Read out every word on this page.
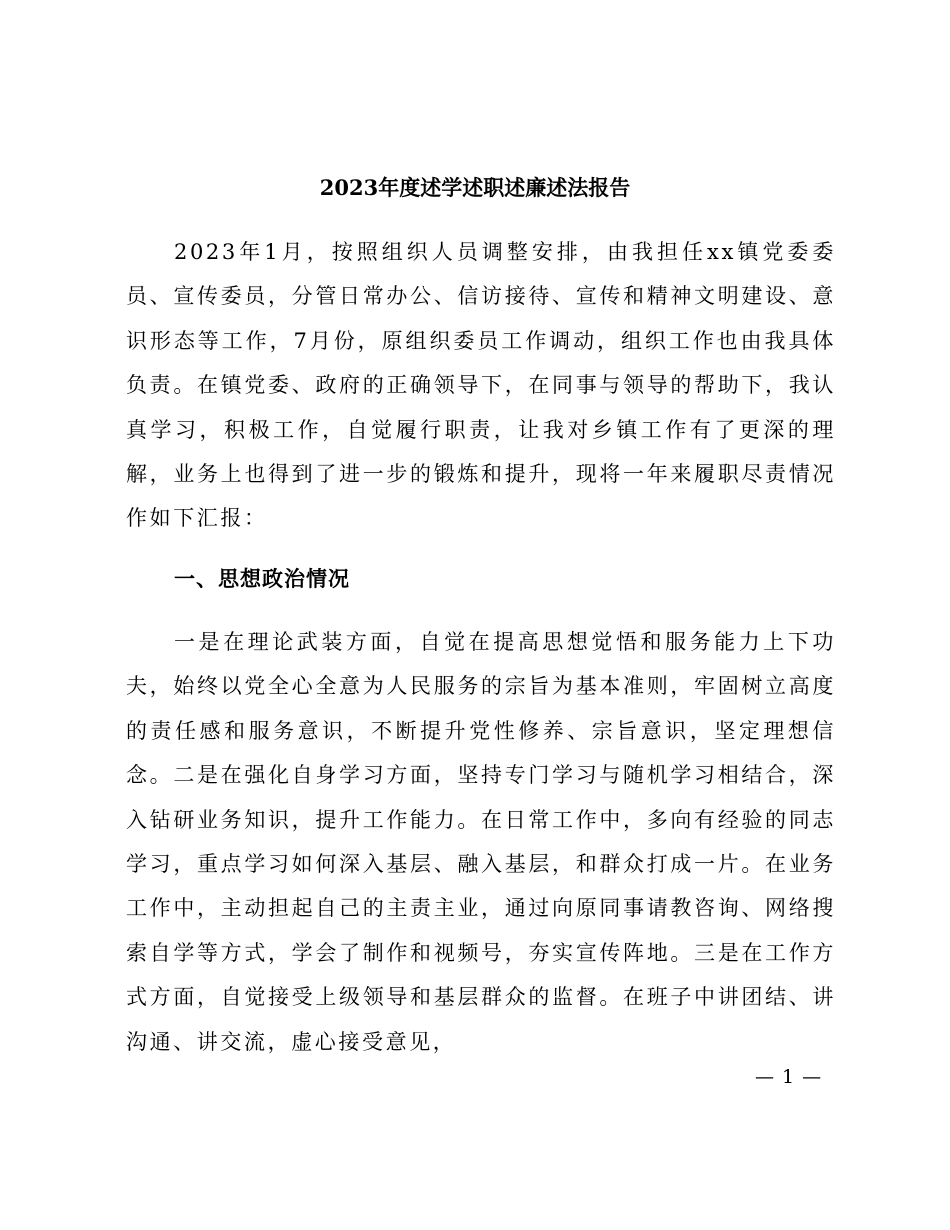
2023年度述学述职述廉述法报告

2023年1月，按照组织人员调整安排，由我担任xx镇党委委员、宣传委员，分管日常办公、信访接待、宣传和精神文明建设、意识形态等工作，7月份，原组织委员工作调动，组织工作也由我具体负责。在镇党委、政府的正确领导下，在同事与领导的帮助下，我认真学习，积极工作，自觉履行职责，让我对乡镇工作有了更深的理解，业务上也得到了进一步的锻炼和提升，现将一年来履职尽责情况作如下汇报：

一、思想政治情况

一是在理论武装方面，自觉在提高思想觉悟和服务能力上下功夫，始终以党全心全意为人民服务的宗旨为基本准则，牢固树立高度的责任感和服务意识，不断提升党性修养、宗旨意识，坚定理想信念。二是在强化自身学习方面，坚持专门学习与随机学习相结合，深入钻研业务知识，提升工作能力。在日常工作中，多向有经验的同志学习，重点学习如何深入基层、融入基层，和群众打成一片。在业务工作中，主动担起自己的主责主业，通过向原同事请教咨询、网络搜索自学等方式，学会了制作和视频号，夯实宣传阵地。三是在工作方式方面，自觉接受上级领导和基层群众的监督。在班子中讲团结、讲沟通、讲交流，虚心接受意见，

— 1 —
